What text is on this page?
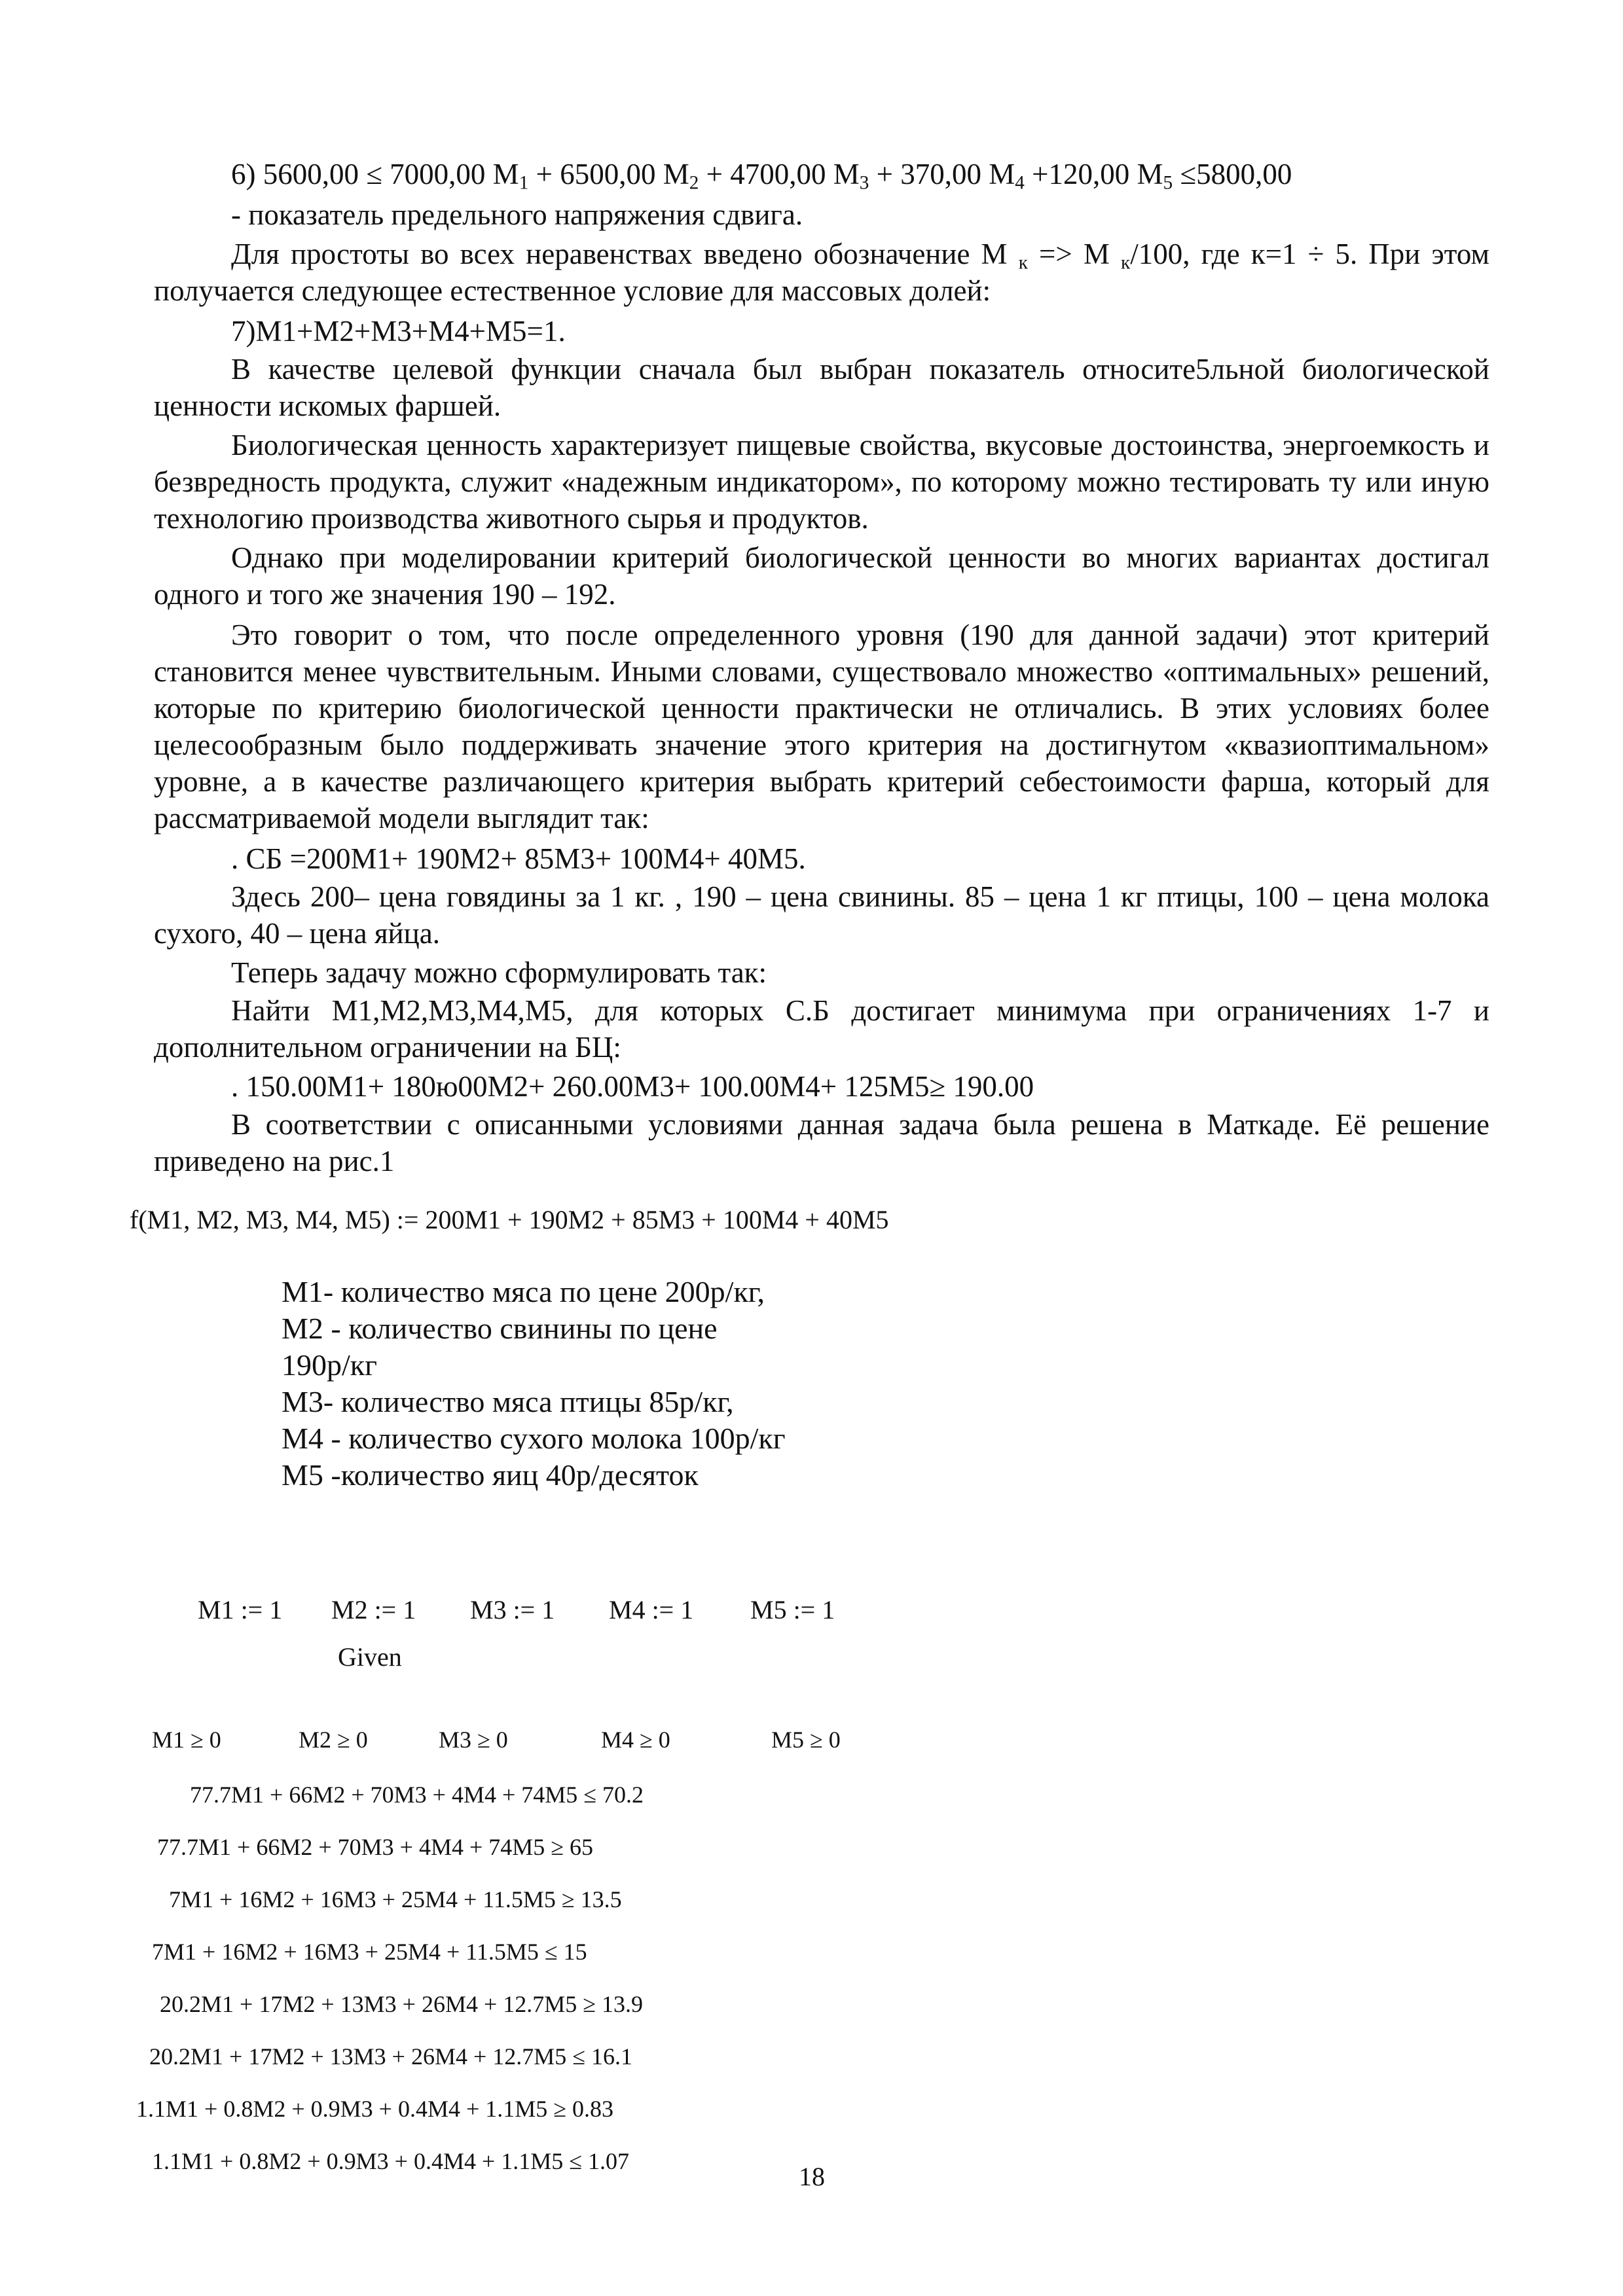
6) 5600,00 ≤ 7000,00 $M_1 + 6500,00$ $M_2 + 4700,00$ $M_3 + 370,00$ $M_4 +120,00$ $M_5 \le 5800,00$
- показатель предельного напряжения сдвига.

Для простоты во всех неравенствах введено обозначение M $_к$ => M $_к$/100, где к=1 ÷ 5. При этом получается следующее естественное условие для массовых долей:

7)М1+М2+М3+М4+М5=1.

В качестве целевой функции сначала был выбран показатель относите5льной биологической ценности искомых фаршей.

Биологическая ценность характеризует пищевые свойства, вкусовые достоинства, энергоемкость и безвредность продукта, служит «надежным индикатором», по которому можно тестировать ту или иную технологию производства животного сырья и продуктов.

Однако при моделировании критерий биологической ценности во многих вариантах достигал одного и того же значения 190 – 192.

Это говорит о том, что после определенного уровня (190 для данной задачи) этот критерий становится менее чувствительным. Иными словами, существовало множество «оптимальных» решений, которые по критерию биологической ценности практически не отличались. В этих условиях более целесообразным было поддерживать значение этого критерия на достигнутом «квазиоптимальном» уровне, а в качестве различающего критерия выбрать критерий себестоимости фарша, который для рассматриваемой модели выглядит так:

. СБ =200М1+ 190М2+ 85М3+ 100М4+ 40М5.

Здесь 200– цена говядины за 1 кг. , 190 – цена свинины. 85 – цена 1 кг птицы, 100 – цена молока сухого, 40 – цена яйца.

Теперь задачу можно сформулировать так:

Найти М1,М2,М3,М4,М5, для которых С.Б достигает минимума при ограничениях 1-7 и дополнительном ограничении на БЦ:

. 150.00М1+ 180ю00М2+ 260.00М3+ 100.00М4+ 125М5≥ 190.00

В соответствии с описанными условиями данная задача была решена в Маткаде. Её решение приведено на рис.1

f(M1, M2, M3, M4, M5) := 200M1 + 190M2 + 85M3 + 100M4 + 40M5
М1- количество мяса по цене 200р/кг,
М2 - количество свинины по цене
190р/кг
М3- количество мяса птицы 85р/кг,
М4 - количество сухого молока 100р/кг
М5 -количество яиц 40р/десяток
M1 := 1 M2 := 1 M3 := 1 M4 := 1 M5 := 1
Given
M1 ≥ 0	M2 ≥ 0	M3 ≥ 0	M4 ≥ 0	M5 ≥ 0
77.7M1 + 66M2 + 70M3 + 4M4 + 74M5 ≤ 70.2
77.7M1 + 66M2 + 70M3 + 4M4 + 74M5 ≥ 65
7M1 + 16M2 + 16M3 + 25M4 + 11.5M5 ≥ 13.5
7M1 + 16M2 + 16M3 + 25M4 + 11.5M5 ≤ 15
20.2M1 + 17M2 + 13M3 + 26M4 + 12.7M5 ≥ 13.9
20.2M1 + 17M2 + 13M3 + 26M4 + 12.7M5 ≤ 16.1
1.1M1 + 0.8M2 + 0.9M3 + 0.4M4 + 1.1M5 ≥ 0.83
1.1M1 + 0.8M2 + 0.9M3 + 0.4M4 + 1.1M5 ≤ 1.07
18
